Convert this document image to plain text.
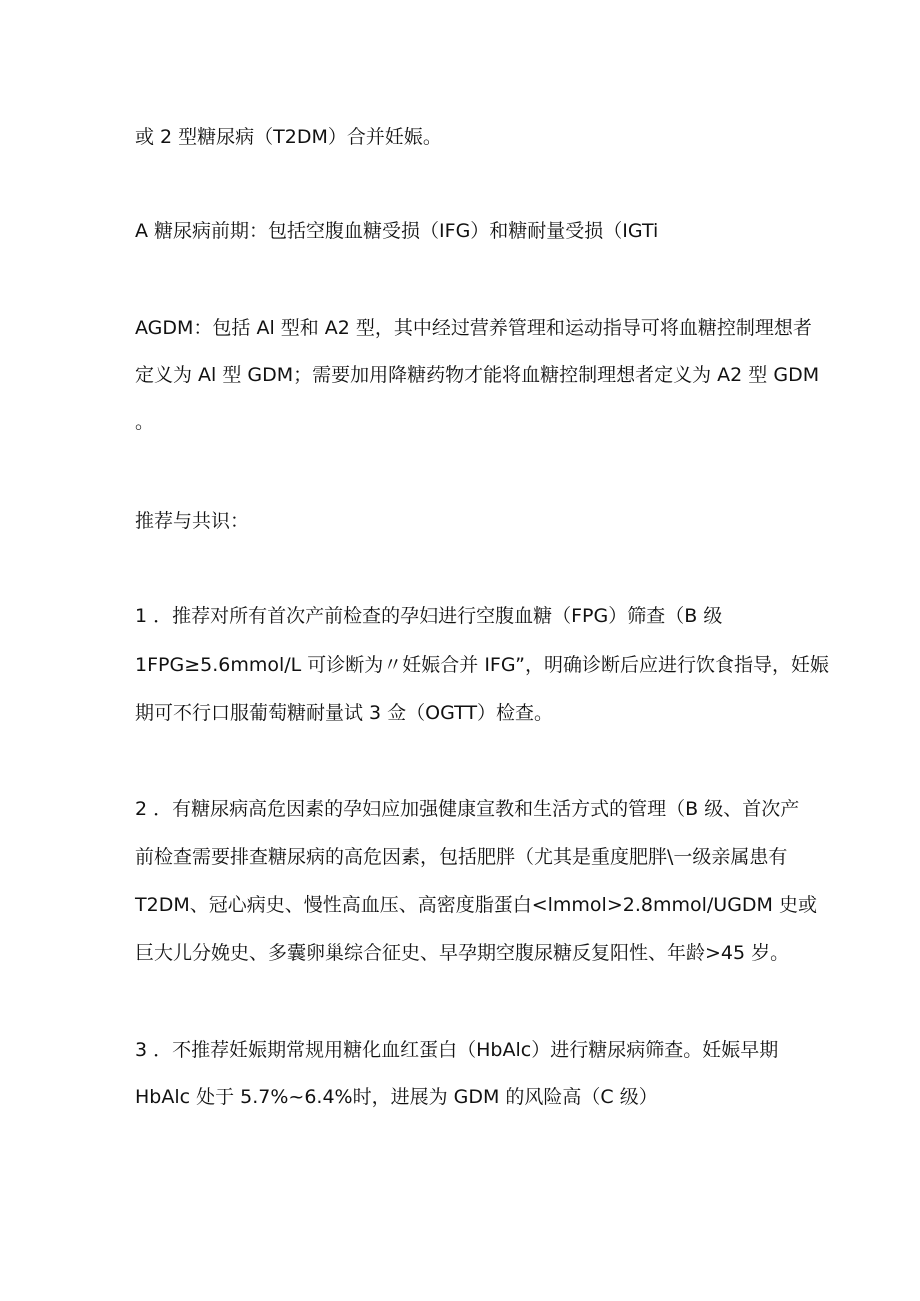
或 2 型糖尿病（T2DM）合并妊娠。
A 糖尿病前期：包括空腹血糖受损（IFG）和糖耐量受损（IGTi
AGDM：包括 Al 型和 A2 型，其中经过营养管理和运动指导可将血糖控制理想者
定义为 Al 型 GDM；需要加用降糖药物才能将血糖控制理想者定义为 A2 型 GDM
。
推荐与共识：
1 ．推荐对所有首次产前检查的孕妇进行空腹血糖（FPG）筛查（B 级
1FPG≥5.6mmol/L 可诊断为〃妊娠合并 IFG”，明确诊断后应进行饮食指导，妊娠
期可不行口服葡萄糖耐量试 3 佥（OGTT）检查。
2 ．有糖尿病高危因素的孕妇应加强健康宣教和生活方式的管理（B 级、首次产
前检查需要排查糖尿病的高危因素，包括肥胖（尤其是重度肥胖\一级亲属患有
T2DM、冠心病史、慢性高血压、高密度脂蛋白<lmmol>2.8mmol/UGDM 史或
巨大儿分娩史、多囊卵巢综合征史、早孕期空腹尿糖反复阳性、年龄>45 岁。
3 ．不推荐妊娠期常规用糖化血红蛋白（HbAlc）进行糖尿病筛查。妊娠早期
HbAlc 处于 5.7%~6.4%时，进展为 GDM 的风险高（C 级）
